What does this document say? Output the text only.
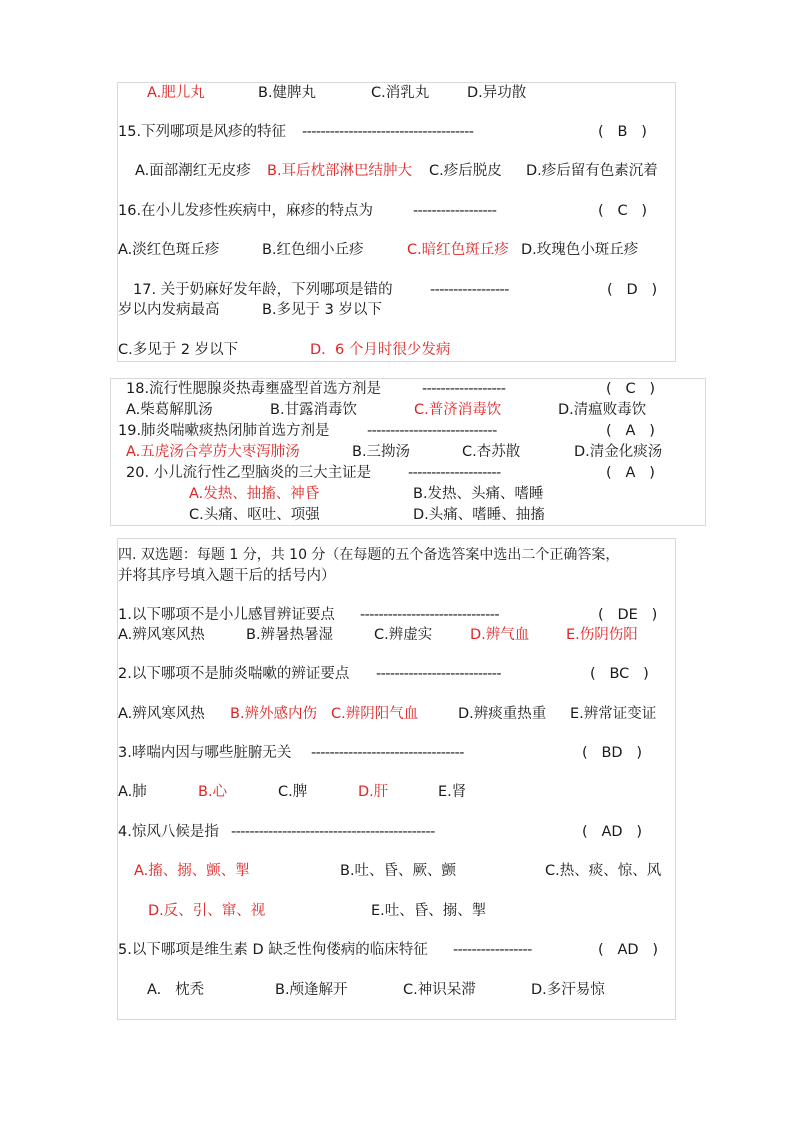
A.肥儿丸	B.健脾丸	C.消乳丸	D.异功散
15.下列哪项是风疹的特征 -------------------------------------	(   B   )
A.面部潮红无皮疹 B.耳后枕部淋巴结肿大 C.疹后脱皮 D.疹后留有色素沉着
16.在小儿发疹性疾病中，麻疹的特点为	------------------	(   C   )
A.淡红色斑丘疹	B.红色细小丘疹	C.暗红色斑丘疹 D.玫瑰色小斑丘疹
17. 关于奶麻好发年龄，下列哪项是错的	-----------------	(   D   )
岁以内发病最高	B.多见于 3 岁以下
C.多见于 2 岁以下	D.  6 个月时很少发病
18.流行性腮腺炎热毒壅盛型首选方剂是	------------------	(   C   )
A.柴葛解肌汤	B.甘露消毒饮	C.普济消毒饮	D.清瘟败毒饮
19.肺炎喘嗽痰热闭肺首选方剂是	----------------------------	(   A   )
A.五虎汤合葶苈大枣泻肺汤	B.三拗汤	C.杏苏散	D.清金化痰汤
20. 小儿流行性乙型脑炎的三大主证是	--------------------	(   A   )
A.发热、抽搐、神昏	B.发热、头痛、嗜睡
C.头痛、呕吐、项强	D.头痛、嗜睡、抽搐
四. 双选题：每题 1 分，共 10 分（在每题的五个备选答案中选出二个正确答案，
并将其序号填入题干后的括号内）
1.以下哪项不是小儿感冒辨证要点 ------------------------------	(   DE   )
A.辨风寒风热	B.辨暑热暑湿	C.辨虚实	D.辨气血	E.伤阴伤阳
2.以下哪项不是肺炎喘嗽的辨证要点 ---------------------------	(   BC   )
A.辨风寒风热 B.辨外感内伤 C.辨阴阳气血	D.辨痰重热重 E.辨常证变证
3.哮喘内因与哪些脏腑无关 ---------------------------------	(   BD   )
A.肺	B.心	C.脾	D.肝	E.肾
4.惊风八候是指 --------------------------------------------	(   AD   )
A.搐、搦、颤、掣	B.吐、昏、厥、颤	C.热、痰、惊、风
D.反、引、窜、视	E.吐、昏、搦、掣
5.以下哪项是维生素 D 缺乏性佝偻病的临床特征 -----------------	(   AD   )
A.   枕秃	B.颅逢解开	C.神识呆滞	D.多汗易惊
